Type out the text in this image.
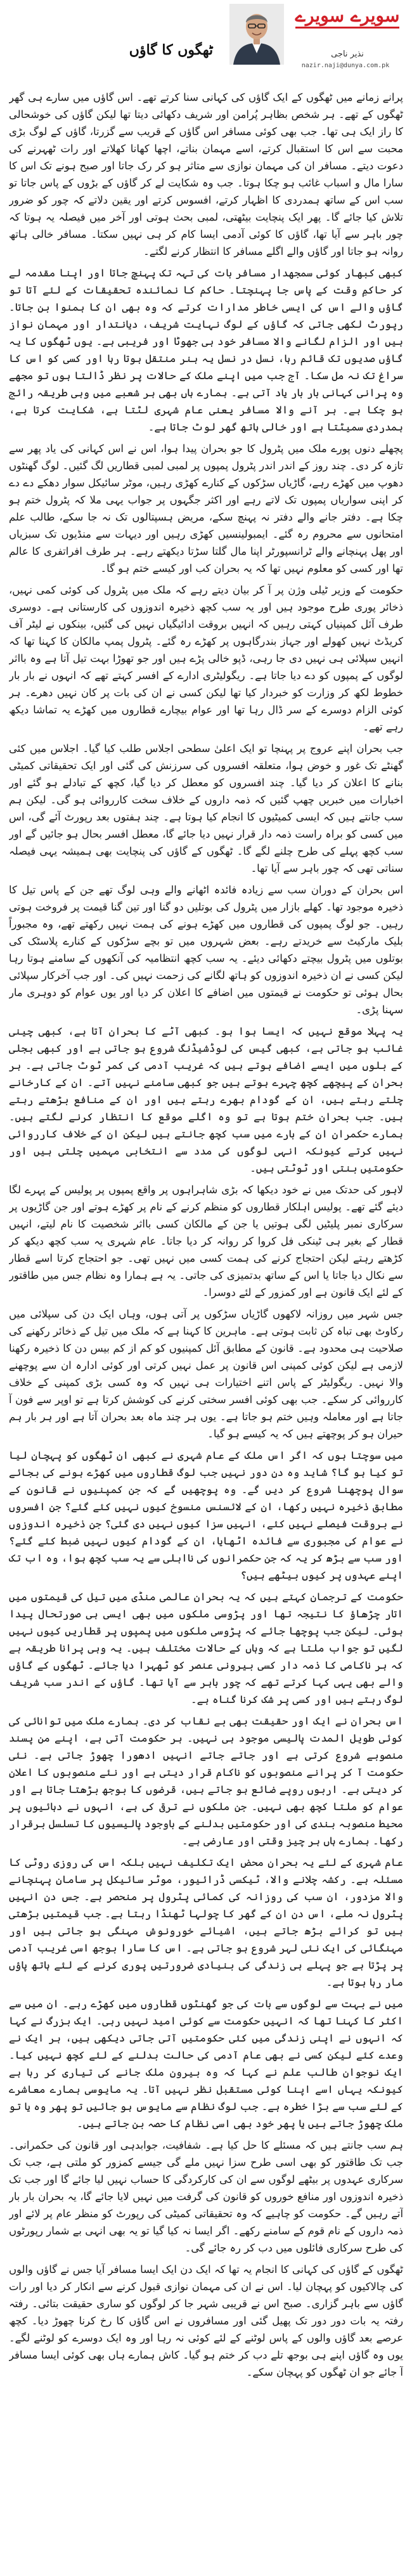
سویرے سویرے
نذیر ناجی
nazir.naji@dunya.com.pk
ٹھگوں کا گاؤں

پرانے زمانے میں ٹھگوں کے ایک گاؤں کی کہانی سنا کرتے تھے۔ اس گاؤں میں سارے ہی گھر ٹھگوں کے تھے۔ ہر شخص بظاہر پُرامن اور شریف دکھائی دیتا تھا لیکن گاؤں کی خوشحالی کا راز ایک ہی تھا۔ جب بھی کوئی مسافر اس گاؤں کے قریب سے گزرتا، گاؤں کے لوگ بڑی محبت سے اس کا استقبال کرتے، اسے مہمان بناتے، اچھا کھانا کھلاتے اور رات ٹھہرنے کی دعوت دیتے۔ مسافر ان کی مہمان نوازی سے متاثر ہو کر رک جاتا اور صبح ہونے تک اس کا سارا مال و اسباب غائب ہو چکا ہوتا۔ جب وہ شکایت لے کر گاؤں کے بڑوں کے پاس جاتا تو سب اس کے ساتھ ہمدردی کا اظہار کرتے، افسوس کرتے اور یقین دلاتے کہ چور کو ضرور تلاش کیا جائے گا۔ پھر ایک پنچایت بیٹھتی، لمبی بحث ہوتی اور آخر میں فیصلہ یہ ہوتا کہ چور باہر سے آیا تھا، گاؤں کا کوئی آدمی ایسا کام کر ہی نہیں سکتا۔ مسافر خالی ہاتھ روانہ ہو جاتا اور گاؤں والے اگلے مسافر کا انتظار کرنے لگتے۔

کبھی کبھار کوئی سمجھدار مسافر بات کی تہہ تک پہنچ جاتا اور اپنا مقدمہ لے کر حاکمِ وقت کے پاس جا پہنچتا۔ حاکم کا نمائندہ تحقیقات کے لئے آتا تو گاؤں والے اس کی ایسی خاطر مدارات کرتے کہ وہ بھی ان کا ہمنوا بن جاتا۔ رپورٹ لکھی جاتی کہ گاؤں کے لوگ نہایت شریف، دیانتدار اور مہمان نواز ہیں اور الزام لگانے والا مسافر خود ہی جھوٹا اور فریبی ہے۔ یوں ٹھگوں کا یہ گاؤں صدیوں تک قائم رہا، نسل در نسل یہ ہنر منتقل ہوتا رہا اور کسی کو اس کا سراغ تک نہ مل سکا۔ آج جب میں اپنے ملک کے حالات پر نظر ڈالتا ہوں تو مجھے وہ پرانی کہانی بار بار یاد آتی ہے۔ ہمارے ہاں بھی ہر شعبے میں وہی طریقہ رائج ہو چکا ہے۔ ہر آنے والا مسافر یعنی عام شہری لٹتا ہے، شکایت کرتا ہے، ہمدردی سمیٹتا ہے اور خالی ہاتھ گھر لوٹ جاتا ہے۔

پچھلے دنوں پورے ملک میں پٹرول کا جو بحران پیدا ہوا، اس نے اس کہانی کی یاد پھر سے تازہ کر دی۔ چند روز کے اندر اندر پٹرول پمپوں پر لمبی لمبی قطاریں لگ گئیں۔ لوگ گھنٹوں دھوپ میں کھڑے رہے، گاڑیاں سڑکوں کے کنارے کھڑی رہیں، موٹر سائیکل سوار دھکے دے دے کر اپنی سواریاں پمپوں تک لاتے رہے اور اکثر جگہوں پر جواب یہی ملا کہ پٹرول ختم ہو چکا ہے۔ دفتر جانے والے دفتر نہ پہنچ سکے، مریض ہسپتالوں تک نہ جا سکے، طالب علم امتحانوں سے محروم رہ گئے۔ ایمبولینسیں کھڑی رہیں اور دیہات سے منڈیوں تک سبزیاں اور پھل پہنچانے والے ٹرانسپورٹر اپنا مال گلتا سڑتا دیکھتے رہے۔ ہر طرف افراتفری کا عالم تھا اور کسی کو معلوم نہیں تھا کہ یہ بحران کب اور کیسے ختم ہو گا۔

حکومت کے وزیر ٹیلی وژن پر آ کر بیان دیتے رہے کہ ملک میں پٹرول کی کوئی کمی نہیں، ذخائر پوری طرح موجود ہیں اور یہ سب کچھ ذخیرہ اندوزوں کی کارستانی ہے۔ دوسری طرف آئل کمپنیاں کہتی رہیں کہ انہیں بروقت ادائیگیاں نہیں کی گئیں، بینکوں نے لیٹر آف کریڈٹ نہیں کھولے اور جہاز بندرگاہوں پر کھڑے رہ گئے۔ پٹرول پمپ مالکان کا کہنا تھا کہ انہیں سپلائی ہی نہیں دی جا رہی، ڈپو خالی پڑے ہیں اور جو تھوڑا بہت تیل آتا ہے وہ بااثر لوگوں کے پمپوں کو دے دیا جاتا ہے۔ ریگولیٹری ادارے کے افسر کہتے تھے کہ انہوں نے بار بار خطوط لکھ کر وزارت کو خبردار کیا تھا لیکن کسی نے ان کی بات پر کان نہیں دھرے۔ ہر کوئی الزام دوسرے کے سر ڈال رہا تھا اور عوام بیچارے قطاروں میں کھڑے یہ تماشا دیکھ رہے تھے۔

جب بحران اپنے عروج پر پہنچا تو ایک اعلیٰ سطحی اجلاس طلب کیا گیا۔ اجلاس میں کئی گھنٹے تک غور و خوض ہوا، متعلقہ افسروں کی سرزنش کی گئی اور ایک تحقیقاتی کمیٹی بنانے کا اعلان کر دیا گیا۔ چند افسروں کو معطل کر دیا گیا، کچھ کے تبادلے ہو گئے اور اخبارات میں خبریں چھپ گئیں کہ ذمہ داروں کے خلاف سخت کارروائی ہو گی۔ لیکن ہم سب جانتے ہیں کہ ایسی کمیٹیوں کا انجام کیا ہوتا ہے۔ چند ہفتوں بعد رپورٹ آئے گی، اس میں کسی کو براہ راست ذمہ دار قرار نہیں دیا جائے گا، معطل افسر بحال ہو جائیں گے اور سب کچھ پہلے کی طرح چلنے لگے گا۔ ٹھگوں کے گاؤں کی پنچایت بھی ہمیشہ یہی فیصلہ سناتی تھی کہ چور باہر سے آیا تھا۔

اس بحران کے دوران سب سے زیادہ فائدہ اٹھانے والے وہی لوگ تھے جن کے پاس تیل کا ذخیرہ موجود تھا۔ کھلے بازار میں پٹرول کی بوتلیں دو گنا اور تین گنا قیمت پر فروخت ہوتی رہیں۔ جو لوگ پمپوں کی قطاروں میں کھڑے ہونے کی ہمت نہیں رکھتے تھے، وہ مجبوراً بلیک مارکیٹ سے خریدتے رہے۔ بعض شہروں میں تو بچے سڑکوں کے کنارے پلاسٹک کی بوتلوں میں پٹرول بیچتے دکھائی دیئے۔ یہ سب کچھ انتظامیہ کی آنکھوں کے سامنے ہوتا رہا لیکن کسی نے ان ذخیرہ اندوزوں کو ہاتھ لگانے کی زحمت نہیں کی۔ اور جب آخرکار سپلائی بحال ہوئی تو حکومت نے قیمتوں میں اضافے کا اعلان کر دیا اور یوں عوام کو دوہری مار سہنا پڑی۔

یہ پہلا موقع نہیں کہ ایسا ہوا ہو۔ کبھی آٹے کا بحران آتا ہے، کبھی چینی غائب ہو جاتی ہے، کبھی گیس کی لوڈشیڈنگ شروع ہو جاتی ہے اور کبھی بجلی کے بلوں میں ایسے اضافے ہوتے ہیں کہ غریب آدمی کی کمر ٹوٹ جاتی ہے۔ ہر بحران کے پیچھے کچھ چہرے ہوتے ہیں جو کبھی سامنے نہیں آتے۔ ان کے کارخانے چلتے رہتے ہیں، ان کے گودام بھرے رہتے ہیں اور ان کے منافع بڑھتے رہتے ہیں۔ جب بحران ختم ہوتا ہے تو وہ اگلے موقع کا انتظار کرنے لگتے ہیں۔ ہمارے حکمران ان کے بارے میں سب کچھ جانتے ہیں لیکن ان کے خلاف کارروائی نہیں کرتے کیونکہ انہی لوگوں کی مدد سے انتخابی مہمیں چلتی ہیں اور حکومتیں بنتی اور ٹوٹتی ہیں۔

لاہور کی حدتک میں نے خود دیکھا کہ بڑی شاہراہوں پر واقع پمپوں پر پولیس کے پہرے لگا دیئے گئے تھے۔ پولیس اہلکار قطاروں کو منظم کرنے کے نام پر کھڑے ہوتے اور جن گاڑیوں پر سرکاری نمبر پلیٹیں لگی ہوتیں یا جن کے مالکان کسی بااثر شخصیت کا نام لیتے، انہیں قطار کے بغیر ہی ٹینکی فل کروا کر روانہ کر دیا جاتا۔ عام شہری یہ سب کچھ دیکھ کر کڑھتے رہتے لیکن احتجاج کرنے کی ہمت کسی میں نہیں تھی۔ جو احتجاج کرتا اسے قطار سے نکال دیا جاتا یا اس کے ساتھ بدتمیزی کی جاتی۔ یہ ہے ہمارا وہ نظام جس میں طاقتور کے لئے ایک قانون ہے اور کمزور کے لئے دوسرا۔

جس شہر میں روزانہ لاکھوں گاڑیاں سڑکوں پر آتی ہوں، وہاں ایک دن کی سپلائی میں رکاوٹ بھی تباہ کن ثابت ہوتی ہے۔ ماہرین کا کہنا ہے کہ ملک میں تیل کے ذخائر رکھنے کی صلاحیت ہی محدود ہے۔ قانون کے مطابق آئل کمپنیوں کو کم از کم بیس دن کا ذخیرہ رکھنا لازمی ہے لیکن کوئی کمپنی اس قانون پر عمل نہیں کرتی اور کوئی ادارہ ان سے پوچھنے والا نہیں۔ ریگولیٹر کے پاس اتنے اختیارات ہی نہیں کہ وہ کسی بڑی کمپنی کے خلاف کارروائی کر سکے۔ جب بھی کوئی افسر سختی کرنے کی کوشش کرتا ہے تو اوپر سے فون آ جاتا ہے اور معاملہ وہیں ختم ہو جاتا ہے۔ یوں ہر چند ماہ بعد بحران آتا ہے اور ہر بار ہم حیران ہو کر پوچھتے ہیں کہ یہ کیسے ہو گیا۔

میں سوچتا ہوں کہ اگر اس ملک کے عام شہری نے کبھی ان ٹھگوں کو پہچان لیا تو کیا ہو گا؟ شاید وہ دن دور نہیں جب لوگ قطاروں میں کھڑے ہونے کی بجائے سوال پوچھنا شروع کر دیں گے۔ وہ پوچھیں گے کہ جن کمپنیوں نے قانون کے مطابق ذخیرہ نہیں رکھا، ان کے لائسنس منسوخ کیوں نہیں کئے گئے؟ جن افسروں نے بروقت فیصلے نہیں کئے، انہیں سزا کیوں نہیں دی گئی؟ جن ذخیرہ اندوزوں نے عوام کی مجبوری سے فائدہ اٹھایا، ان کے گودام کیوں نہیں ضبط کئے گئے؟ اور سب سے بڑھ کر یہ کہ جن حکمرانوں کی نااہلی سے یہ سب کچھ ہوا، وہ اب تک اپنے عہدوں پر کیوں بیٹھے ہیں؟

حکومت کے ترجمان کہتے ہیں کہ یہ بحران عالمی منڈی میں تیل کی قیمتوں میں اتار چڑھاؤ کا نتیجہ تھا اور پڑوسی ملکوں میں بھی ایسی ہی صورتحال پیدا ہوئی۔ لیکن جب پوچھا جائے کہ پڑوسی ملکوں میں پمپوں پر قطاریں کیوں نہیں لگیں تو جواب ملتا ہے کہ وہاں کے حالات مختلف ہیں۔ یہ وہی پرانا طریقہ ہے کہ ہر ناکامی کا ذمہ دار کسی بیرونی عنصر کو ٹھہرا دیا جائے۔ ٹھگوں کے گاؤں والے بھی یہی کہا کرتے تھے کہ چور باہر سے آیا تھا۔ گاؤں کے اندر سب شریف لوگ رہتے ہیں اور کسی پر شک کرنا گناہ ہے۔

اس بحران نے ایک اور حقیقت بھی بے نقاب کر دی۔ ہمارے ملک میں توانائی کی کوئی طویل المدت پالیسی موجود ہی نہیں۔ ہر حکومت آتی ہے، اپنے من پسند منصوبے شروع کرتی ہے اور جاتے جاتے انہیں ادھورا چھوڑ جاتی ہے۔ نئی حکومت آ کر پرانے منصوبوں کو ناکام قرار دیتی ہے اور نئے منصوبوں کا اعلان کر دیتی ہے۔ اربوں روپے ضائع ہو جاتے ہیں، قرضوں کا بوجھ بڑھتا جاتا ہے اور عوام کو ملتا کچھ بھی نہیں۔ جن ملکوں نے ترقی کی ہے، انہوں نے دہائیوں پر محیط منصوبہ بندی کی اور حکومتیں بدلنے کے باوجود پالیسیوں کا تسلسل برقرار رکھا۔ ہمارے ہاں ہر چیز وقتی اور عارضی ہے۔

عام شہری کے لئے یہ بحران محض ایک تکلیف نہیں بلکہ اس کی روزی روٹی کا مسئلہ ہے۔ رکشہ چلانے والا، ٹیکسی ڈرائیور، موٹر سائیکل پر سامان پہنچانے والا مزدور، ان سب کی روزانہ کی کمائی پٹرول پر منحصر ہے۔ جس دن انہیں پٹرول نہ ملے، اس دن ان کے گھر کا چولہا ٹھنڈا رہتا ہے۔ جب قیمتیں بڑھتی ہیں تو کرائے بڑھ جاتے ہیں، اشیائے خورونوش مہنگی ہو جاتی ہیں اور مہنگائی کی ایک نئی لہر شروع ہو جاتی ہے۔ اس کا سارا بوجھ اسی غریب آدمی پر پڑتا ہے جو پہلے ہی زندگی کی بنیادی ضرورتیں پوری کرنے کے لئے ہاتھ پاؤں مار رہا ہوتا ہے۔

میں نے بہت سے لوگوں سے بات کی جو گھنٹوں قطاروں میں کھڑے رہے۔ ان میں سے اکثر کا کہنا تھا کہ انہیں حکومت سے کوئی امید نہیں رہی۔ ایک بزرگ نے کہا کہ انہوں نے اپنی زندگی میں کئی حکومتیں آتی جاتی دیکھی ہیں، ہر ایک نے وعدے کئے لیکن کسی نے بھی عام آدمی کی حالت بدلنے کے لئے کچھ نہیں کیا۔ ایک نوجوان طالب علم نے کہا کہ وہ بیرون ملک جانے کی تیاری کر رہا ہے کیونکہ یہاں اسے اپنا کوئی مستقبل نظر نہیں آتا۔ یہ مایوسی ہمارے معاشرے کے لئے سب سے بڑا خطرہ ہے۔ جب لوگ نظام سے مایوس ہو جائیں تو پھر وہ یا تو ملک چھوڑ جاتے ہیں یا پھر خود بھی اسی نظام کا حصہ بن جاتے ہیں۔

ہم سب جانتے ہیں کہ مسئلے کا حل کیا ہے۔ شفافیت، جوابدہی اور قانون کی حکمرانی۔ جب تک طاقتور کو بھی اسی طرح سزا نہیں ملے گی جیسے کمزور کو ملتی ہے، جب تک سرکاری عہدوں پر بیٹھے لوگوں سے ان کی کارکردگی کا حساب نہیں لیا جائے گا اور جب تک ذخیرہ اندوزوں اور منافع خوروں کو قانون کی گرفت میں نہیں لایا جائے گا، یہ بحران بار بار آتے رہیں گے۔ حکومت کو چاہیے کہ وہ تحقیقاتی کمیٹی کی رپورٹ کو منظر عام پر لائے اور ذمہ داروں کے نام قوم کے سامنے رکھے۔ اگر ایسا نہ کیا گیا تو یہ بھی انہی بے شمار رپورٹوں کی طرح سرکاری فائلوں میں دب کر رہ جائے گی۔

ٹھگوں کے گاؤں کی کہانی کا انجام یہ تھا کہ ایک دن ایک ایسا مسافر آیا جس نے گاؤں والوں کی چالاکیوں کو پہچان لیا۔ اس نے ان کی مہمان نوازی قبول کرنے سے انکار کر دیا اور رات گاؤں سے باہر گزاری۔ صبح اس نے قریبی شہر جا کر لوگوں کو ساری حقیقت بتائی۔ رفتہ رفتہ یہ بات دور دور تک پھیل گئی اور مسافروں نے اس گاؤں کا رخ کرنا چھوڑ دیا۔ کچھ عرصے بعد گاؤں والوں کے پاس لوٹنے کے لئے کوئی نہ رہا اور وہ ایک دوسرے کو لوٹنے لگے۔ یوں وہ گاؤں اپنے ہی بوجھ تلے دب کر ختم ہو گیا۔ کاش ہمارے ہاں بھی کوئی ایسا مسافر آ جائے جو ان ٹھگوں کو پہچان سکے۔
